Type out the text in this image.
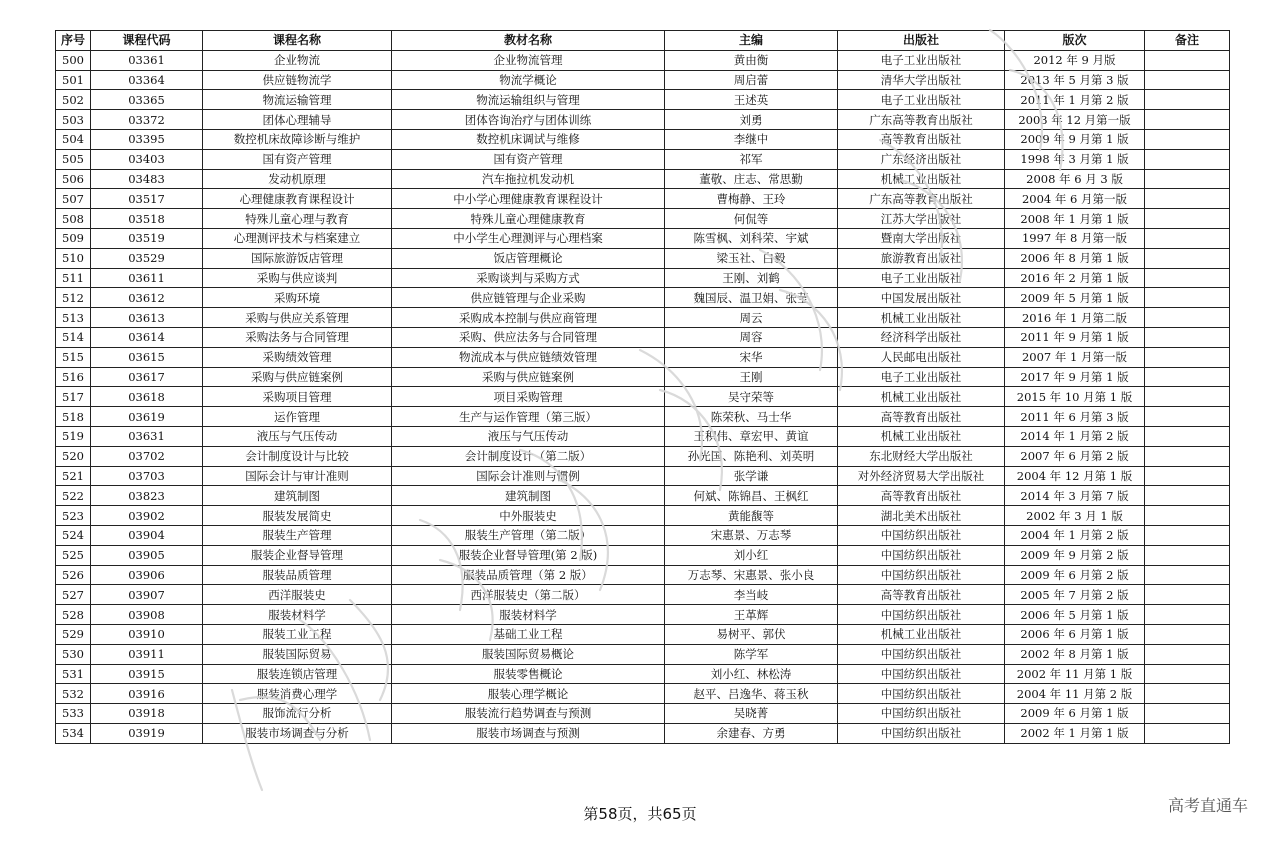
序号	课程代码	课程名称	教材名称	主编	出版社	版次	备注
500	03361	企业物流	企业物流管理	黄由衡	电子工业出版社	2012 年 9 月版	
501	03364	供应链物流学	物流学概论	周启蕾	清华大学出版社	2013 年 5 月第 3 版	
502	03365	物流运输管理	物流运输组织与管理	王述英	电子工业出版社	2011 年 1 月第 2 版	
503	03372	团体心理辅导	团体咨询治疗与团体训练	刘勇	广东高等教育出版社	2003 年 12 月第一版	
504	03395	数控机床故障诊断与维护	数控机床调试与维修	李继中	高等教育出版社	2009 年 9 月第 1 版	
505	03403	国有资产管理	国有资产管理	祁军	广东经济出版社	1998 年 3 月第 1 版	
506	03483	发动机原理	汽车拖拉机发动机	董敬、庄志、常思勤	机械工业出版社	2008 年 6 月 3 版	
507	03517	心理健康教育课程设计	中小学心理健康教育课程设计	曹梅静、王玲	广东高等教育出版社	2004 年 6 月第一版	
508	03518	特殊儿童心理与教育	特殊儿童心理健康教育	何侃等	江苏大学出版社	2008 年 1 月第 1 版	
509	03519	心理测评技术与档案建立	中小学生心理测评与心理档案	陈雪枫、刘科荣、宇斌	暨南大学出版社	1997 年 8 月第一版	
510	03529	国际旅游饭店管理	饭店管理概论	梁玉社、白毅	旅游教育出版社	2006 年 8 月第 1 版	
511	03611	采购与供应谈判	采购谈判与采购方式	王刚、刘鹤	电子工业出版社	2016 年 2 月第 1 版	
512	03612	采购环境	供应链管理与企业采购	魏国辰、温卫娟、张莹	中国发展出版社	2009 年 5 月第 1 版	
513	03613	采购与供应关系管理	采购成本控制与供应商管理	周云	机械工业出版社	2016 年 1 月第二版	
514	03614	采购法务与合同管理	采购、供应法务与合同管理	周容	经济科学出版社	2011 年 9 月第 1 版	
515	03615	采购绩效管理	物流成本与供应链绩效管理	宋华	人民邮电出版社	2007 年 1 月第一版	
516	03617	采购与供应链案例	采购与供应链案例	王刚	电子工业出版社	2017 年 9 月第 1 版	
517	03618	采购项目管理	项目采购管理	吴守荣等	机械工业出版社	2015 年 10 月第 1 版	
518	03619	运作管理	生产与运作管理（第三版）	陈荣秋、马士华	高等教育出版社	2011 年 6 月第 3 版	
519	03631	液压与气压传动	液压与气压传动	王积伟、章宏甲、黄谊	机械工业出版社	2014 年 1 月第 2 版	
520	03702	会计制度设计与比较	会计制度设计（第二版）	孙光国、陈艳利、刘英明	东北财经大学出版社	2007 年 6 月第 2 版	
521	03703	国际会计与审计准则	国际会计准则与惯例	张学谦	对外经济贸易大学出版社	2004 年 12 月第 1 版	
522	03823	建筑制图	建筑制图	何斌、陈锦昌、王枫红	高等教育出版社	2014 年 3 月第 7 版	
523	03902	服装发展简史	中外服装史	黄能馥等	湖北美术出版社	2002 年 3 月 1 版	
524	03904	服装生产管理	服装生产管理（第二版）	宋惠景、万志琴	中国纺织出版社	2004 年 1 月第 2 版	
525	03905	服装企业督导管理	服装企业督导管理(第 2 版)	刘小红	中国纺织出版社	2009 年 9 月第 2 版	
526	03906	服装品质管理	服装品质管理（第 2 版）	万志琴、宋惠景、张小良	中国纺织出版社	2009 年 6 月第 2 版	
527	03907	西洋服装史	西洋服装史（第二版）	李当岐	高等教育出版社	2005 年 7 月第 2 版	
528	03908	服装材料学	服装材料学	王革辉	中国纺织出版社	2006 年 5 月第 1 版	
529	03910	服装工业工程	基础工业工程	易树平、郭伏	机械工业出版社	2006 年 6 月第 1 版	
530	03911	服装国际贸易	服装国际贸易概论	陈学军	中国纺织出版社	2002 年 8 月第 1 版	
531	03915	服装连锁店管理	服装零售概论	刘小红、林松涛	中国纺织出版社	2002 年 11 月第 1 版	
532	03916	服装消费心理学	服装心理学概论	赵平、吕逸华、蒋玉秋	中国纺织出版社	2004 年 11 月第 2 版	
533	03918	服饰流行分析	服装流行趋势调查与预测	吴晓菁	中国纺织出版社	2009 年 6 月第 1 版	
534	03919	服装市场调查与分析	服装市场调查与预测	余建春、方勇	中国纺织出版社	2002 年 1 月第 1 版	
第58页，共65页	高考直通车
